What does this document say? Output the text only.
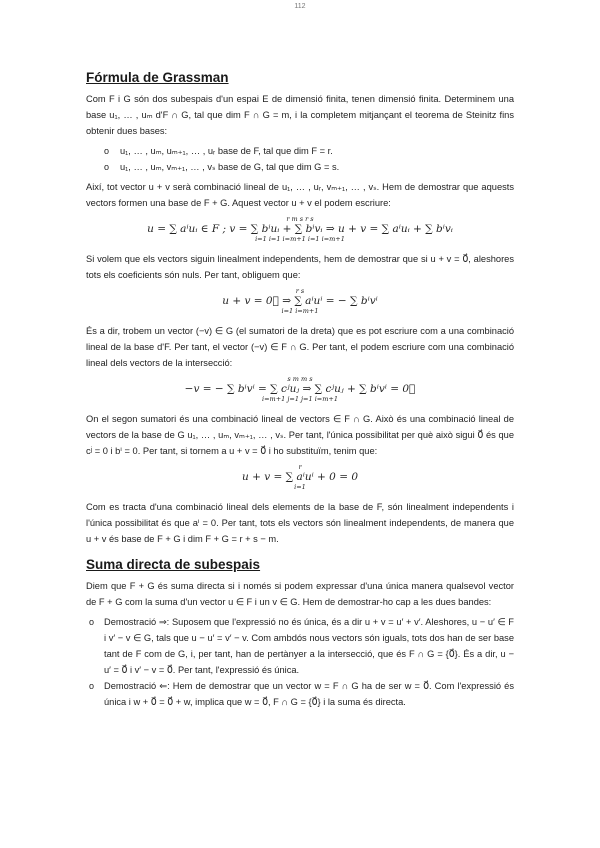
112
Fórmula de Grassman

Com F i G són dos subespais d'un espai E de dimensió finita, tenen dimensió finita. Determinem una base u₁, … , uₘ d'F ∩ G, tal que dim F ∩ G = m, i la completem mitjançant el teorema de Steinitz fins obtenir dues bases:

o u₁, … , uₘ, uₘ₊₁, … , uᵣ base de F, tal que dim F = r.
o u₁, … , uₘ, vₘ₊₁, … , vₛ base de G, tal que dim G = s.

Així, tot vector u + v serà combinació lineal de u₁, … , uᵣ, vₘ₊₁, … , vₛ. Hem de demostrar que aquests vectors formen una base de F + G. Aquest vector u + v el podem escriure:

r m s r s
u = ∑ aⁱuᵢ ∈ F ; v = ∑ bⁱuᵢ + ∑ bⁱvᵢ ⇒ u + v = ∑ aⁱuᵢ + ∑ bⁱvᵢ
i=1 i=1 i=m+1 i=1 i=m+1

Si volem que els vectors siguin linealment independents, hem de demostrar que si u + v = 0⃗, aleshores tots els coeficients són nuls. Per tant, obliguem que:

r s
u + v = 0⃗ ⇒ ∑ aⁱuⁱ = − ∑ bⁱvⁱ
i=1 i=m+1

És a dir, trobem un vector (−v) ∈ G (el sumatori de la dreta) que es pot escriure com a una combinació lineal de la base d'F. Per tant, el vector (−v) ∈ F ∩ G. Per tant, el podem escriure com una combinació lineal dels vectors de la intersecció:

s m m s
−v = − ∑ bⁱvⁱ = ∑ cʲuⱼ ⇒ ∑ cʲuⱼ + ∑ bⁱvⁱ = 0⃗
i=m+1 j=1 j=1 i=m+1

On el segon sumatori és una combinació lineal de vectors ∈ F ∩ G. Això és una combinació lineal de vectors de la base de G u₁, … , uₘ, vₘ₊₁, … , vₛ. Per tant, l'única possibilitat per què això sigui 0⃗ és que cʲ = 0 i bⁱ = 0. Per tant, si tornem a u + v = 0⃗ i ho substituïm, tenim que:

r
u + v = ∑ aⁱuⁱ + 0 = 0
i=1

Com es tracta d'una combinació lineal dels elements de la base de F, són linealment independents i l'única possibilitat és que aⁱ = 0. Per tant, tots els vectors són linealment independents, de manera que u + v és base de F + G i dim F + G = r + s − m.

Suma directa de subespais

Diem que F + G és suma directa si i només si podem expressar d'una única manera qualsevol vector de F + G com la suma d'un vector u ∈ F i un v ∈ G. Hem de demostrar-ho cap a les dues bandes:

o Demostració ⇒: Suposem que l'expressió no és única, és a dir u + v = u′ + v′. Aleshores, u − u′ ∈ F i v′ − v ∈ G, tals que u − u′ = v′ − v. Com ambdós nous vectors són iguals, tots dos han de ser base tant de F com de G, i, per tant, han de pertànyer a la intersecció, que és F ∩ G = {0⃗}. És a dir, u − u′ = 0⃗ i v′ − v = 0⃗. Per tant, l'expressió és única.
o Demostració ⇐: Hem de demostrar que un vector w = F ∩ G ha de ser w = 0⃗. Com l'expressió és única i w + 0⃗ = 0⃗ + w, implica que w = 0⃗, F ∩ G = {0⃗} i la suma és directa.
